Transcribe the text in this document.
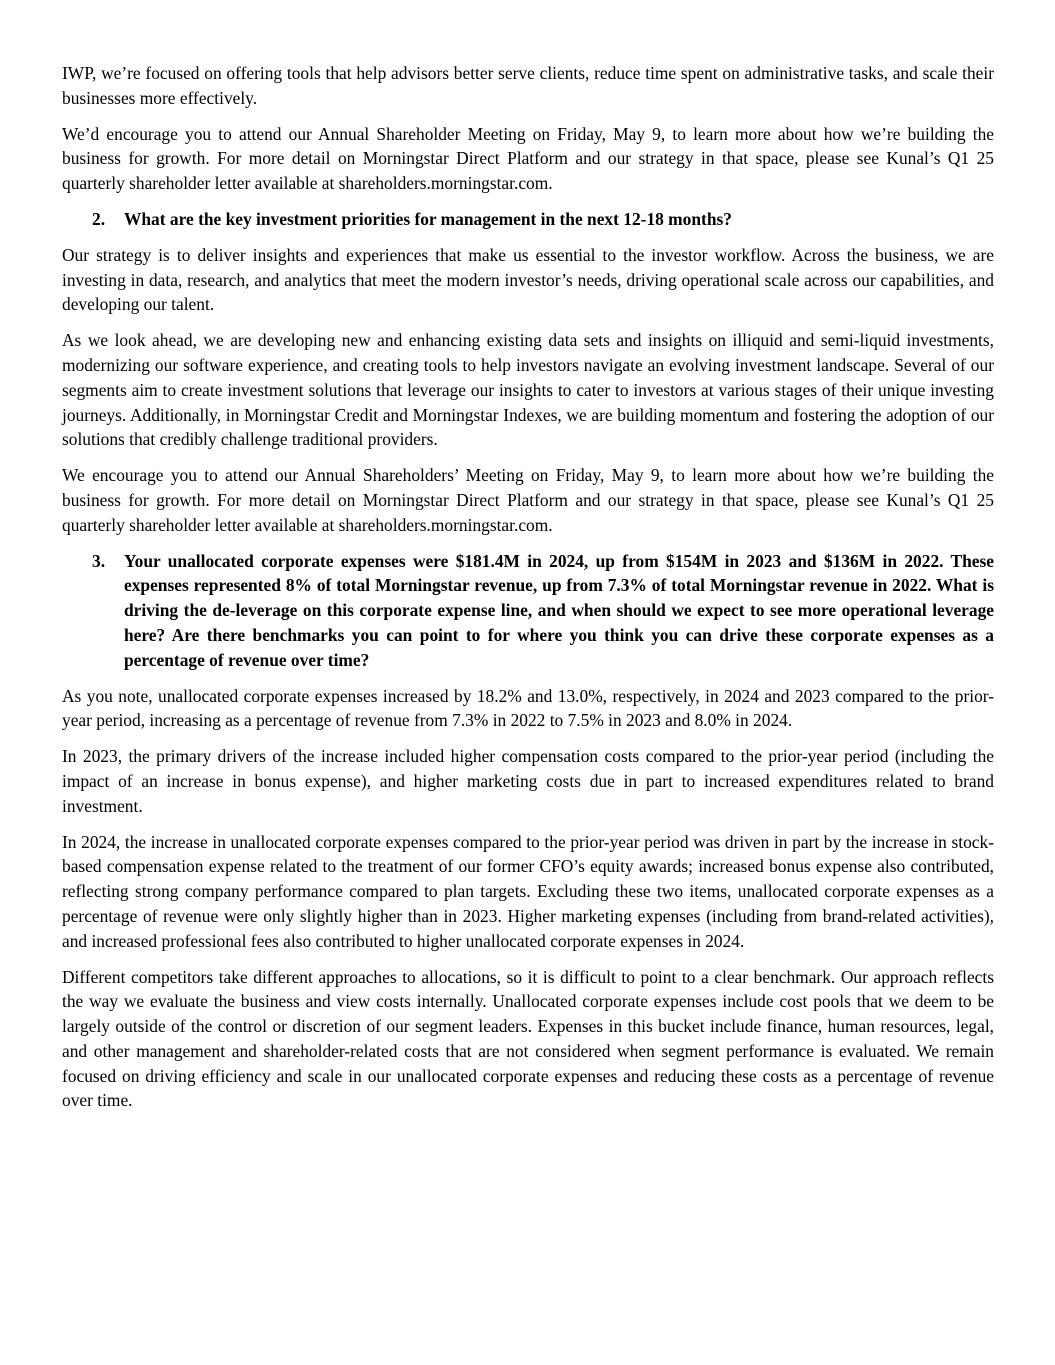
IWP, we’re focused on offering tools that help advisors better serve clients, reduce time spent on administrative tasks, and scale their businesses more effectively.

We’d encourage you to attend our Annual Shareholder Meeting on Friday, May 9, to learn more about how we’re building the business for growth. For more detail on Morningstar Direct Platform and our strategy in that space, please see Kunal’s Q1 25 quarterly shareholder letter available at shareholders.morningstar.com.

2.	What are the key investment priorities for management in the next 12-18 months?

Our strategy is to deliver insights and experiences that make us essential to the investor workflow. Across the business, we are investing in data, research, and analytics that meet the modern investor’s needs, driving operational scale across our capabilities, and developing our talent.

As we look ahead, we are developing new and enhancing existing data sets and insights on illiquid and semi-liquid investments, modernizing our software experience, and creating tools to help investors navigate an evolving investment landscape. Several of our segments aim to create investment solutions that leverage our insights to cater to investors at various stages of their unique investing journeys. Additionally, in Morningstar Credit and Morningstar Indexes, we are building momentum and fostering the adoption of our solutions that credibly challenge traditional providers.

We encourage you to attend our Annual Shareholders’ Meeting on Friday, May 9, to learn more about how we’re building the business for growth. For more detail on Morningstar Direct Platform and our strategy in that space, please see Kunal’s Q1 25 quarterly shareholder letter available at shareholders.morningstar.com.

3.	Your unallocated corporate expenses were $181.4M in 2024, up from $154M in 2023 and $136M in 2022. These expenses represented 8% of total Morningstar revenue, up from 7.3% of total Morningstar revenue in 2022. What is driving the de-leverage on this corporate expense line, and when should we expect to see more operational leverage here? Are there benchmarks you can point to for where you think you can drive these corporate expenses as a percentage of revenue over time?

As you note, unallocated corporate expenses increased by 18.2% and 13.0%, respectively, in 2024 and 2023 compared to the prior-year period, increasing as a percentage of revenue from 7.3% in 2022 to 7.5% in 2023 and 8.0% in 2024.

In 2023, the primary drivers of the increase included higher compensation costs compared to the prior-year period (including the impact of an increase in bonus expense), and higher marketing costs due in part to increased expenditures related to brand investment.

In 2024, the increase in unallocated corporate expenses compared to the prior-year period was driven in part by the increase in stock-based compensation expense related to the treatment of our former CFO’s equity awards; increased bonus expense also contributed, reflecting strong company performance compared to plan targets. Excluding these two items, unallocated corporate expenses as a percentage of revenue were only slightly higher than in 2023. Higher marketing expenses (including from brand-related activities), and increased professional fees also contributed to higher unallocated corporate expenses in 2024.

Different competitors take different approaches to allocations, so it is difficult to point to a clear benchmark. Our approach reflects the way we evaluate the business and view costs internally. Unallocated corporate expenses include cost pools that we deem to be largely outside of the control or discretion of our segment leaders. Expenses in this bucket include finance, human resources, legal, and other management and shareholder-related costs that are not considered when segment performance is evaluated. We remain focused on driving efficiency and scale in our unallocated corporate expenses and reducing these costs as a percentage of revenue over time.
